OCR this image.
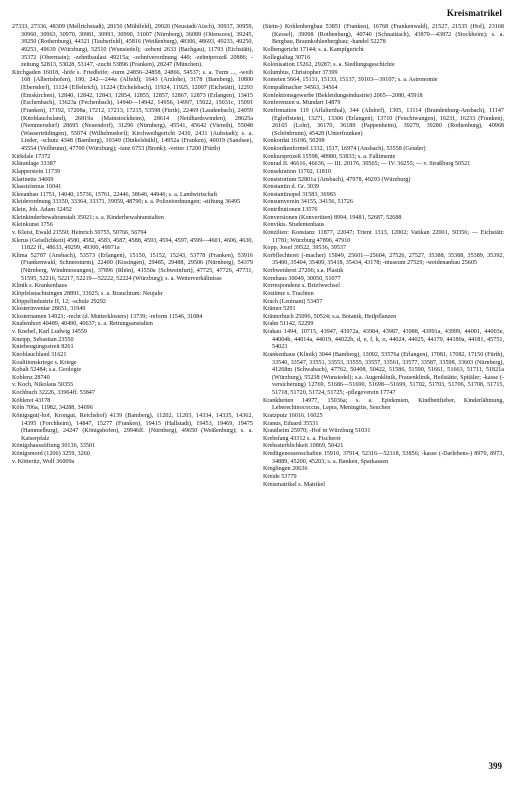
Kreismatrikel
27333, 27336, 48309 (Mellrichstadt), 28156 (Mühlfeld), 29020 (Neustadt/Aisch), 30937, 30959, 30960, 30963, 30970, 30981, 30993, 30990, 31007 (Nürnberg), 36089 (Ottensoos), 39245, 39250 (Rothenburg), 44321 (Tauberfeld), 45816 (Weißenburg), 48306, 48693, 49233, 49250, 49253, 49639 (Würzburg), 52510 (Wunsiedel); -zehent 2633 (Bachgau), 11793 (Eichstätt), 35372 (Obermain); -zehntbaulast 49215a; -zehntverordnung 440; -zehntprozeß 20886; -zeitung 52813, 53028, 53147, -zucht 53896 (Franken), 28247 (München).
Kirchgaden 16018, -höfe s. Friedhöfe; -turm 24856–24858, 24866, 54537; s. a. Turm ..., -weih 168 (Albertshofen), 190, 242—244a (Alfeld); 1643 (Arzlohe), 3178 (Bamberg), 10800 (Ebersdorf), 11124 (Effeltrich), 11224 (Eichelsbach), 11924, 11925, 12007 (Eichstätt), 12293 (Emskirchen), 12840, 12842, 12843, 12854, 12855, 12857, 12867, 12873 (Erlangen), 13415 (Eschenbach), 13623a (Fechenbach), 14940—14942, 14956, 14997, 15022, 15031c, 15091 (Franken), 17192, 17208a, 17212, 17213, 17215, 53598 (Fürth), 22469 (Laudenbach), 24059 (Knoblauchsland), 26819a (Mainstockheim), 28614 (Neidhardswinden), 28625a (Nemmersdorf) 28695 (Neuendorf), 31296 (Nürnberg), 45541, 45642 (Viereth), 55048 (Wassertrüdingen), 55074 (Wilhelmsdorf); Kirchweihgericht 2430, 2431 (Aubstadt); s. a. Lieder, -schutz 4348 (Bamberg), 10349 (Dinkelsbühl), 14952a (Franken), 40019 (Sandsee), 45554 (Veilbrunn), 47700 (Würzburg); -tanz 6753 (Brenk); -vetter 17200 (Fürth)
Kirkdale 17372
Kläranlage 33387
Klapperstein 11739
Klarinette 34669
Klassizismus 16041
Kleeanbau 11751, 14040, 15736, 15761, 22446, 38646, 44946; s. a. Landwirtschaft
Kleiderordnung 33350, 33364, 33371, 39059, 48790; s. a. Polizeiordnungen; -stiftung 36495
Klein, Joh. Adam 12452
Kleinkinderbewahranstalt 35021; s. a. Kinderbewahranstalten
Kleinkunst 1756
v. Kleist, Ewald 21550; Heinrich 50755, 50766, 56794
Klerus (Geistlichkeit) 4580, 4582, 4583, 4587, 4588, 4593, 4594, 4597, 4599—4601, 4606, 4630, 11822 ff., 48633, 49299, 49300, 49971a
Klima 52787 (Ansbach), 53573 (Erlangen), 15150, 15152, 15243, 53778 (Franken), 53916 (Frankenwald, Schneesturm), 22400 (Kissingen), 29485, 29488, 29506 (Nürnberg), 54379 (Nürnberg, Windmessungen), 37896 (Rhön), 41550a (Schweinfurt), 47725, 47726, 47731, 51595, 52216, 52217, 52219—52222, 52224 (Würzburg); s. a. Wetterverhältnisse
Klinik s. Krankenhaus
Klöpfelsnachtsingen 28891, 33925; s. a. Brauchtum: Neujahr
Klöppelindustrie II, 12; -schule 29292
Klosterinventar 28651, 31949
Klosternamen 14923; -recht (d. Mutterklosters) 13739; -reform 11546, 31084
Knabenhort 40489, 40490, 40637; s. a. Rettungsanstalten
v. Knebel, Karl Ludwig 14559
Kneipp, Sebastian 23550
Kniebeugungsstreit 8261
Knoblauchland 31621
Koalitionskriege s. Kriege
Kobalt 52484; s.a. Geologie
Koblenz 28740
v. Koch, Nikolaus 50355
Kochbuch 32226, 33964ff. 53847
Köhlerei 43178
Köln 706a, 11982, 34288, 34696
Königsgut(-hof, Krongut, Reichshof) 4139 (Bamberg), 11202, 11203, 14334, 14335, 14362, 14395 (Forchheim), 14847, 15277 (Franken), 19415 (Hallstadt), 19453, 19469, 19475 (Hammelburg), 24247 (Königshofen), 29946ff. (Nürnberg), 49650 (Weißenburg); s. a. Kaiserpfalz
Königshausstiftung 30136, 33501
Königsmord (1206) 3259, 3260
v. Kötteritz, Wolf 36009a
(Stein-) Kohlenbergbau 53851 (Franken), 16768 (Frankenwald), 21527, 21535 (Hof), 23168 (Kessel), 39098 (Rothenburg), 40740 (Schnaittach), 43870—43872 (Stockheim); s. a. Bergbau, Braunkohlenbergbau; -handel 52278
Kolbengericht 17144; s. a. Kampfgericht
Kollegialtag 30716
Kolonisation 15262, 29287; s. a. Siedlungsgeschichte
Kolumbus, Christopher 37399
Kometen 5664, 15131, 15133, 15137, 39103—39107; s. a. Astronomie
Kompaßmacher 34563, 34564
Konfektionsgewerbe (Bekleidungsindustrie) 2065—2080, 45918
Konferenzen u. Mundart 14879
Konfirmation 119 (Affalterthal), 344 (Altdorf), 1305, 13114 (Brandenburg-Ansbach), 11147 (Egloffstein), 13271, 13306 (Erlangen), 13710 (Feuchtwangen), 16231, 16233 (Franken), 26165 (Lohr), 36170, 36189 (Pappenheim), 39279, 39280 (Rothenburg), 40968 (Schönbrunn), 45428 (Unterfranken)
Konkordat 16196, 50298
Konkordienformel 1332, 1517, 16974 (Ansbach), 53558 (Geuder)
Konkursprozeß 15598, 48980, 53833; s. a. Fallimente
Konrad II. 46616, 46636, — III. 20176, 30565; — IV. 36255; — v. Straßburg 50521
Konsekration 11702, 11810
Konsistorium 52801a (Ansbach), 47978, 49293 (Würzburg)
Konstantin d. Gr. 3039
Konstantinopel 31583, 36983
Konsumverein 34155, 34156, 51726
Kontributionen 13576
Konversionen (Konvertiten) 8994, 19481, 52687, 52688
Konvikts. Studentenhaus
Konzilien: Konstanz 11877, 22047; Trient 1313, 12002; Vatikan 22001, 50356; — Eichstätt: 11781; Würzburg 47896, 47910
Kopp, Josef 39522, 39536, 39537
Korbflechterei (-macher) 15849, 25601—25604, 27526, 27527, 35388, 35388, 35389, 35392, 35400, 35404, 35409, 35418, 35434, 43178; -museum 27529; -weidenanbau 25605
Korbweiderei 27206; s.a. Plastik
Kornhaus 30049, 30050, 51077
Korrespondenz s. Briefwechsel
Kostüme s. Trachten
Krach (Leutnant) 53457
Krämer 5291
Kräuterbuch 25096, 50524; s.a. Botanik, Heilpflanzen
Krahn 51142, 52299
Krakau 1494, 10715, 43947, 43972a, 43984, 43987, 43988, 43991a, 43999, 44001, 44003e, 44004b, 44014a, 44019, 44022b, d, e, f, k, o, 44024, 44025, 44179, 44180a, 44181, 45751, 54023
Krankenhaus (Klinik) 3044 (Bamberg), 13092, 53576a (Erlangen), 17081, 17082, 17150 (Fürth), 33540, 33547, 33551, 33553, 33555, 33557, 33561, 33577, 33587, 33598, 33603 (Nürnberg), 41268m (Schwabach), 47762, 50408, 50422, 51586, 51590, 51661, 51663, 51711, 51821a (Würzburg), 55238 (Wunsiedel); s.a. Augenklinik, Frauenklinik, Heilstätte, Spitäler; -kasse (-versicherung) 12769, 51686—51690, 51698—51699, 51702, 51703, 51706, 51708, 51715, 51718, 51720, 51724, 51725; -pflegeverein 17747
Krankheiten 14977, 15036a; s. a. Epidemien, Kindbettfieber, Kinderlähmung, Leberechinococcus, Lepra, Meningitis, Seuchen
Kratzputz 16016, 16025
Kranus, Eduard 35531
Krautheim 25970; -Hof in Würzburg 51031
Krebsfang 43312 s. a. Fischerei
Krebssterblichkeit 10869, 50421
Kreditgenossenschaften 15910, 37914, 52316—52318, 53856; -kasse (-Darlehens-) 8970, 8973, 34889, 45200, 45203; s. a. Banken, Sparkassen
Kreglingen 20636
Kreide 53779
Kreismatrikel s. Matrikel
399
